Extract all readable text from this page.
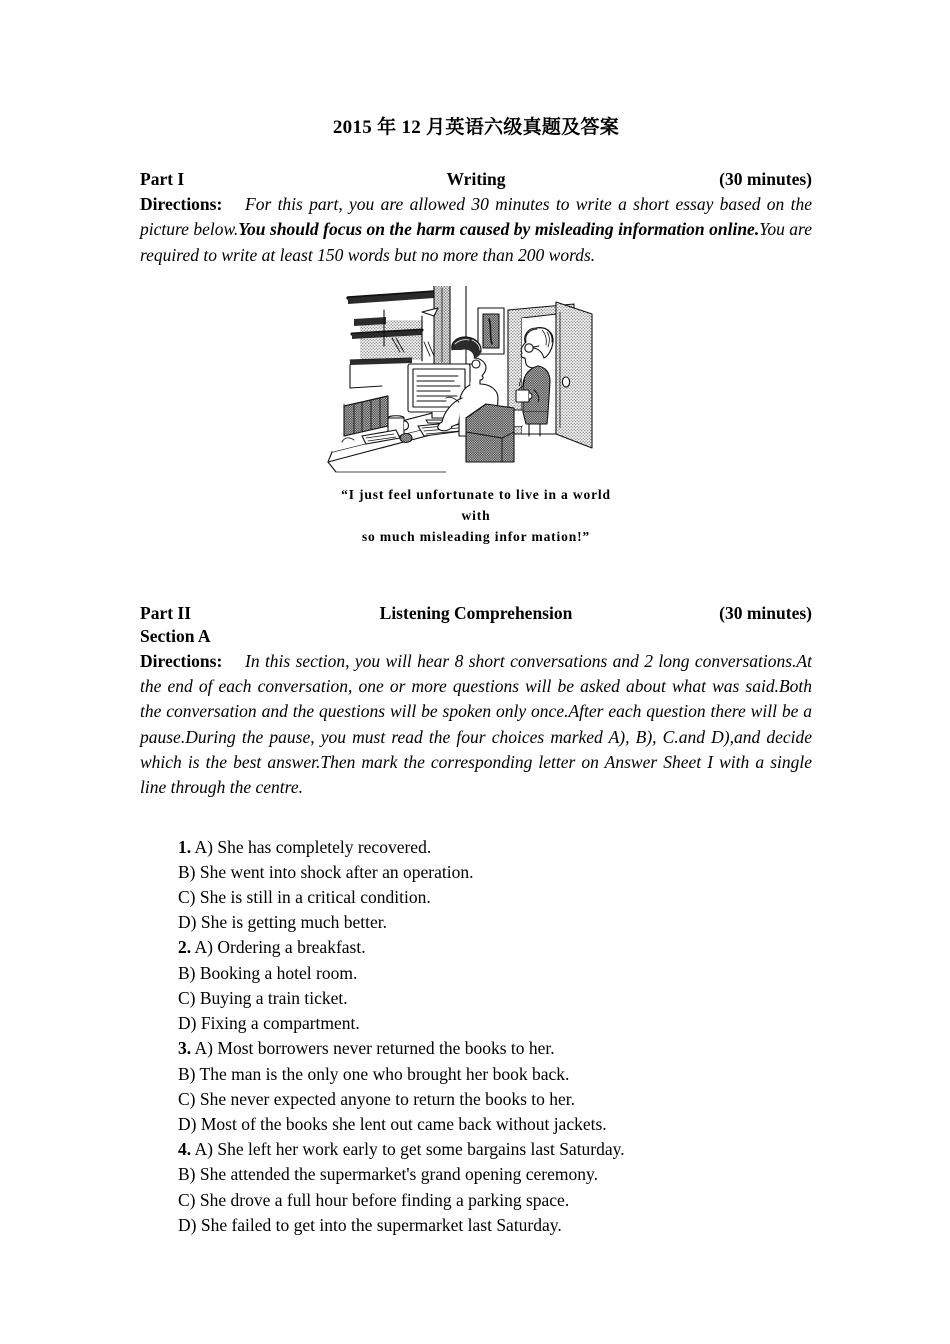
2015 年 12 月英语六级真题及答案
Part I	Writing	(30 minutes)
Directions:	For this part, you are allowed 30 minutes to write a short essay based on the picture below.You should focus on the harm caused by misleading information online.You are required to write at least 150 words but no more than 200 words.
“I just feel unfortunate to live in a world with
so much misleading infor mation!”
Part II	Listening Comprehension	(30 minutes)
Section A
Directions:	In this section, you will hear 8 short conversations and 2 long conversations.At the end of each conversation, one or more questions will be asked about what was said.Both the conversation and the questions will be spoken only once.After each question there will be a pause.During the pause, you must read the four choices marked A), B), C.and D),and decide which is the best answer.Then mark the corresponding letter on Answer Sheet I with a single line through the centre.
1. A) She has completely recovered.
B) She went into shock after an operation.
C) She is still in a critical condition.
D) She is getting much better.
2. A) Ordering a breakfast.
B) Booking a hotel room.
C) Buying a train ticket.
D) Fixing a compartment.
3. A) Most borrowers never returned the books to her.
B) The man is the only one who brought her book back.
C) She never expected anyone to return the books to her.
D) Most of the books she lent out came back without jackets.
4. A) She left her work early to get some bargains last Saturday.
B) She attended the supermarket's grand opening ceremony.
C) She drove a full hour before finding a parking space.
D) She failed to get into the supermarket last Saturday.
